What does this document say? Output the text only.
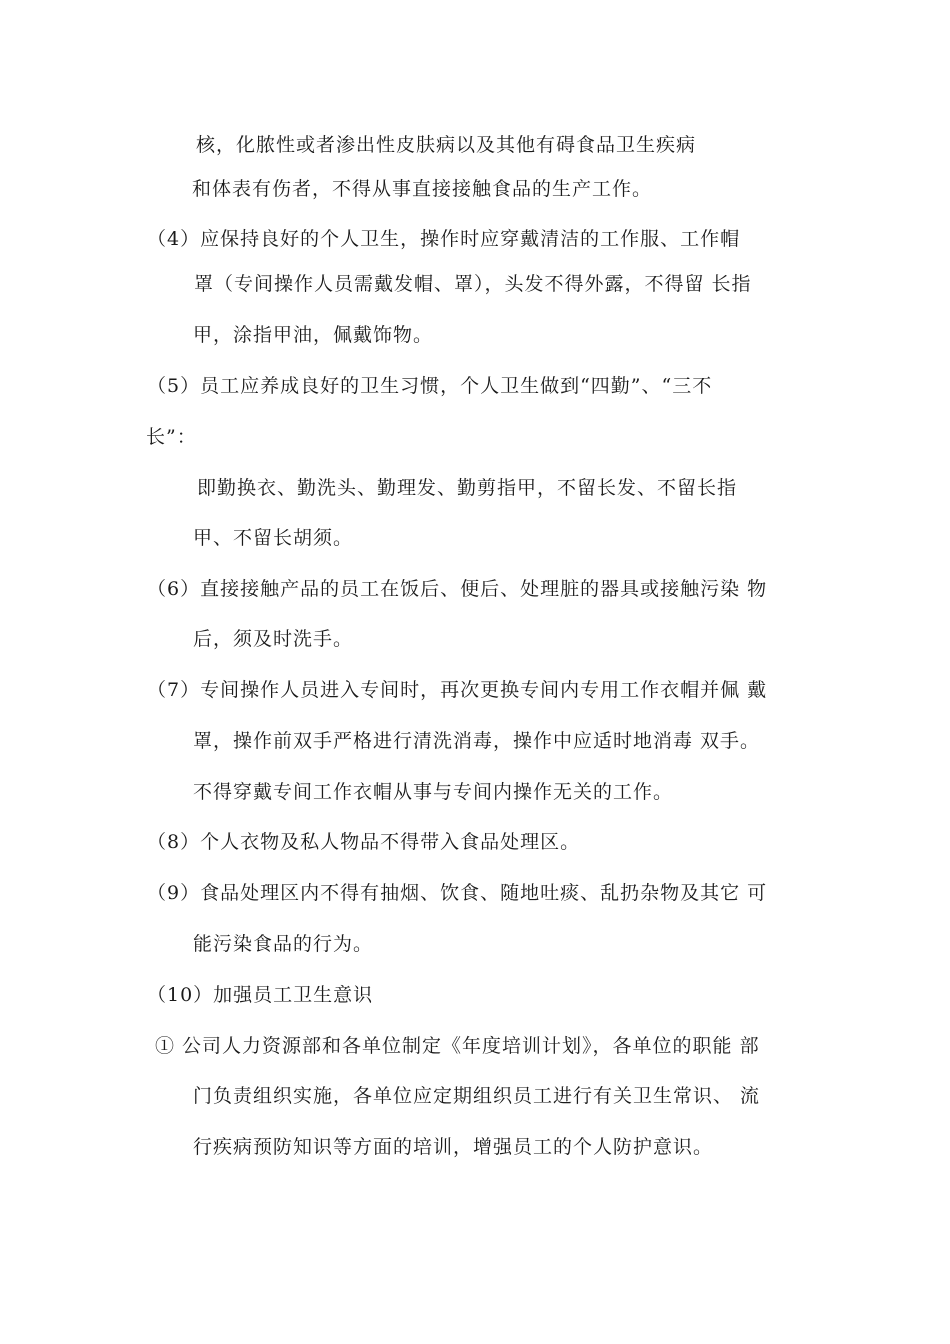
核，化脓性或者渗出性皮肤病以及其他有碍食品卫生疾病
和体表有伤者，不得从事直接接触食品的生产工作。
（4）应保持良好的个人卫生，操作时应穿戴清洁的工作服、工作帽
罩（专间操作人员需戴发帽、罩），头发不得外露，不得留 长指
甲，涂指甲油，佩戴饰物。
（5）员工应养成良好的卫生习惯，个人卫生做到“四勤”、“三不
长”：
即勤换衣、勤洗头、勤理发、勤剪指甲，不留长发、不留长指
甲、不留长胡须。
（6）直接接触产品的员工在饭后、便后、处理脏的器具或接触污染 物
后，须及时洗手。
（7）专间操作人员进入专间时，再次更换专间内专用工作衣帽并佩 戴
罩，操作前双手严格进行清洗消毒，操作中应适时地消毒 双手。
不得穿戴专间工作衣帽从事与专间内操作无关的工作。
（8）个人衣物及私人物品不得带入食品处理区。
（9）食品处理区内不得有抽烟、饮食、随地吐痰、乱扔杂物及其它 可
能污染食品的行为。
（10）加强员工卫生意识
① 公司人力资源部和各单位制定《年度培训计划》，各单位的职能 部
门负责组织实施，各单位应定期组织员工进行有关卫生常识、 流
行疾病预防知识等方面的培训，增强员工的个人防护意识。
